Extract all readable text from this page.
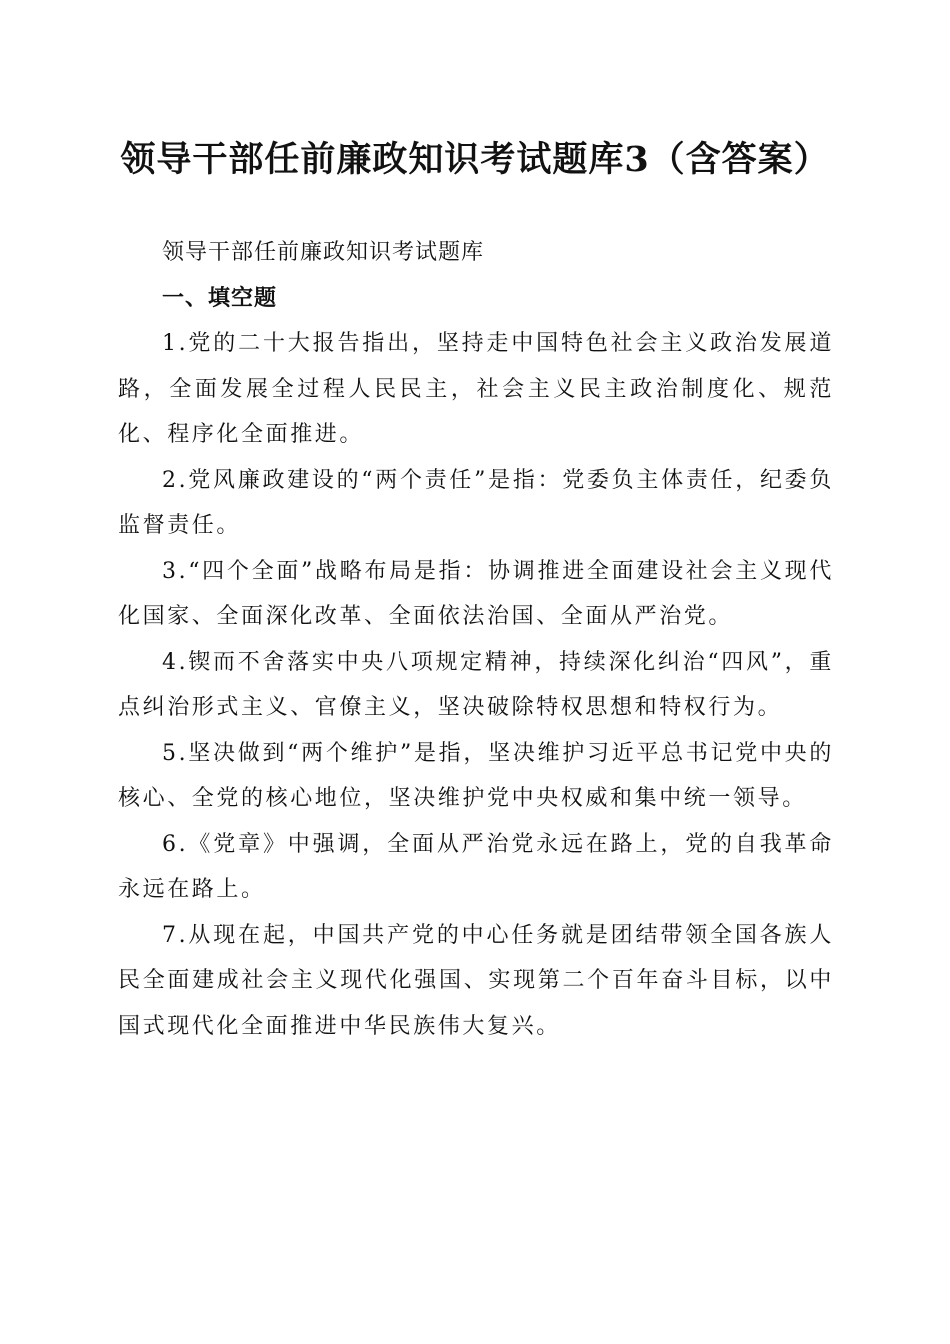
领导干部任前廉政知识考试题库3（含答案）

领导干部任前廉政知识考试题库

一、填空题

1.党的二十大报告指出，坚持走中国特色社会主义政治发展道路，全面发展全过程人民民主，社会主义民主政治制度化、规范化、程序化全面推进。

2.党风廉政建设的“两个责任”是指：党委负主体责任，纪委负监督责任。

3.“四个全面”战略布局是指：协调推进全面建设社会主义现代化国家、全面深化改革、全面依法治国、全面从严治党。

4.锲而不舍落实中央八项规定精神，持续深化纠治“四风”，重点纠治形式主义、官僚主义，坚决破除特权思想和特权行为。

5.坚决做到“两个维护”是指，坚决维护习近平总书记党中央的核心、全党的核心地位，坚决维护党中央权威和集中统一领导。

6.《党章》中强调，全面从严治党永远在路上，党的自我革命永远在路上。

7.从现在起，中国共产党的中心任务就是团结带领全国各族人民全面建成社会主义现代化强国、实现第二个百年奋斗目标，以中国式现代化全面推进中华民族伟大复兴。
